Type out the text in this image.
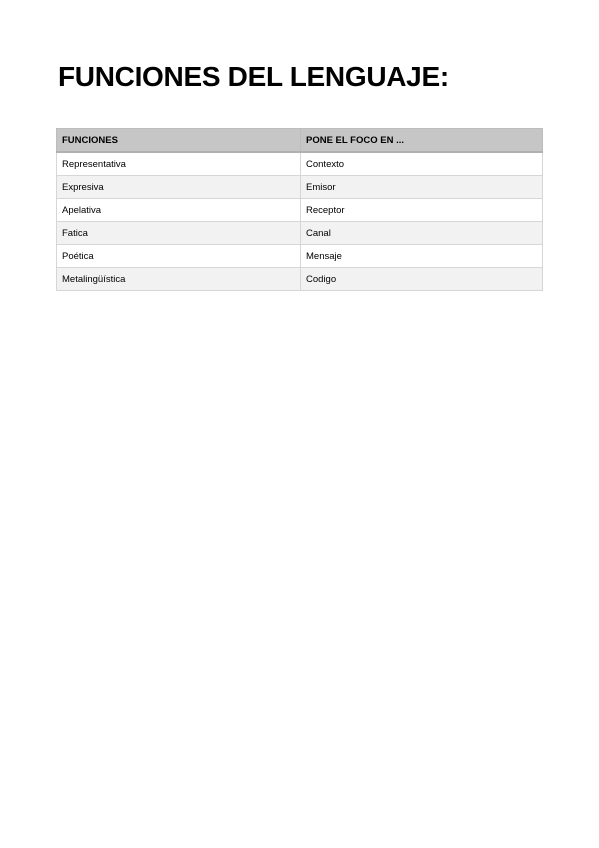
FUNCIONES DEL LENGUAJE:
FUNCIONES	PONE EL FOCO EN ...
Representativa	Contexto
Expresiva	Emisor
Apelativa	Receptor
Fatica	Canal
Poética	Mensaje
Metalingüística	Codigo
